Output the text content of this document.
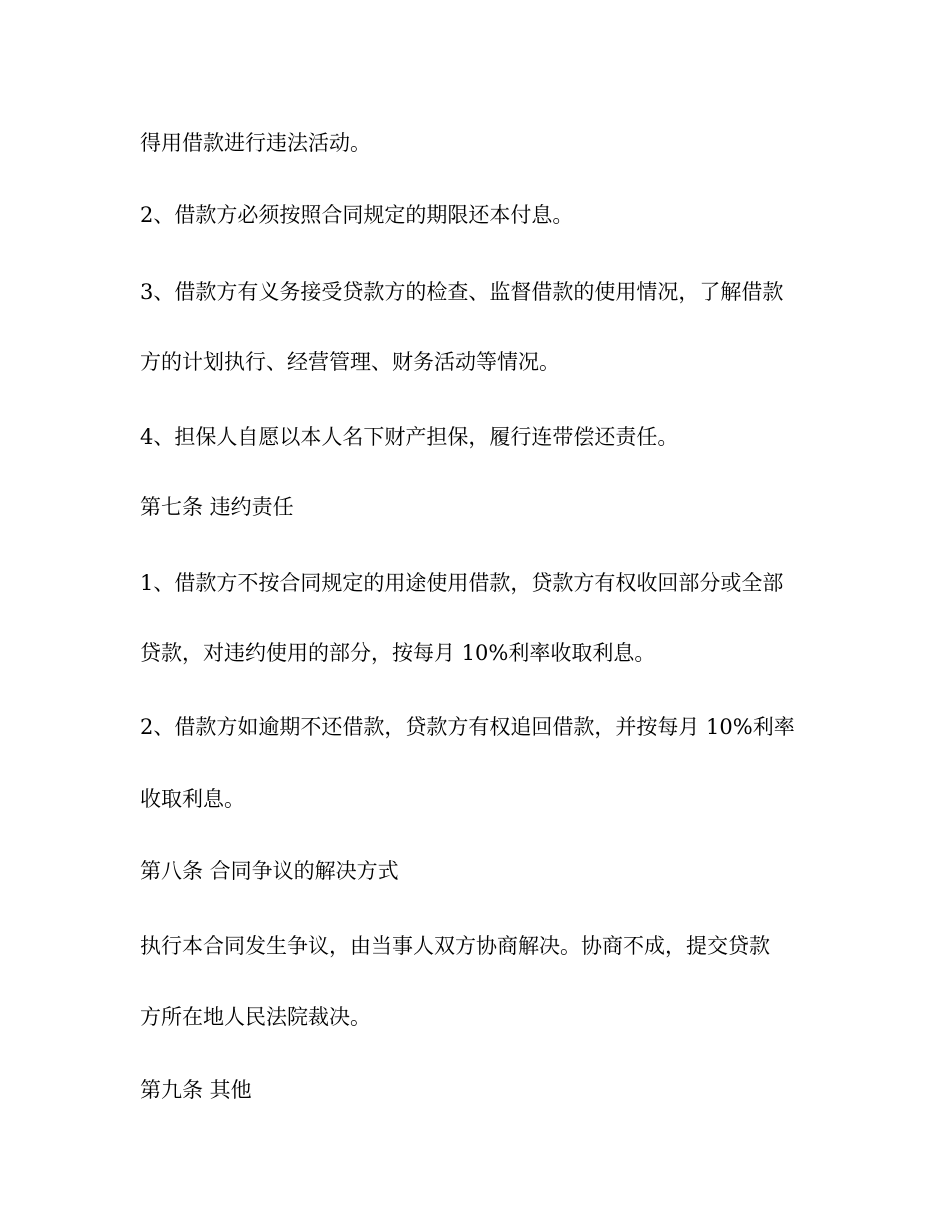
得用借款进行违法活动。
2、借款方必须按照合同规定的期限还本付息。
3、借款方有义务接受贷款方的检查、监督借款的使用情况，了解借款
方的计划执行、经营管理、财务活动等情况。
4、担保人自愿以本人名下财产担保，履行连带偿还责任。
第七条 违约责任
1、借款方不按合同规定的用途使用借款，贷款方有权收回部分或全部
贷款，对违约使用的部分，按每月 10%利率收取利息。
2、借款方如逾期不还借款，贷款方有权追回借款，并按每月 10%利率
收取利息。
第八条 合同争议的解决方式
执行本合同发生争议，由当事人双方协商解决。协商不成，提交贷款
方所在地人民法院裁决。
第九条 其他
